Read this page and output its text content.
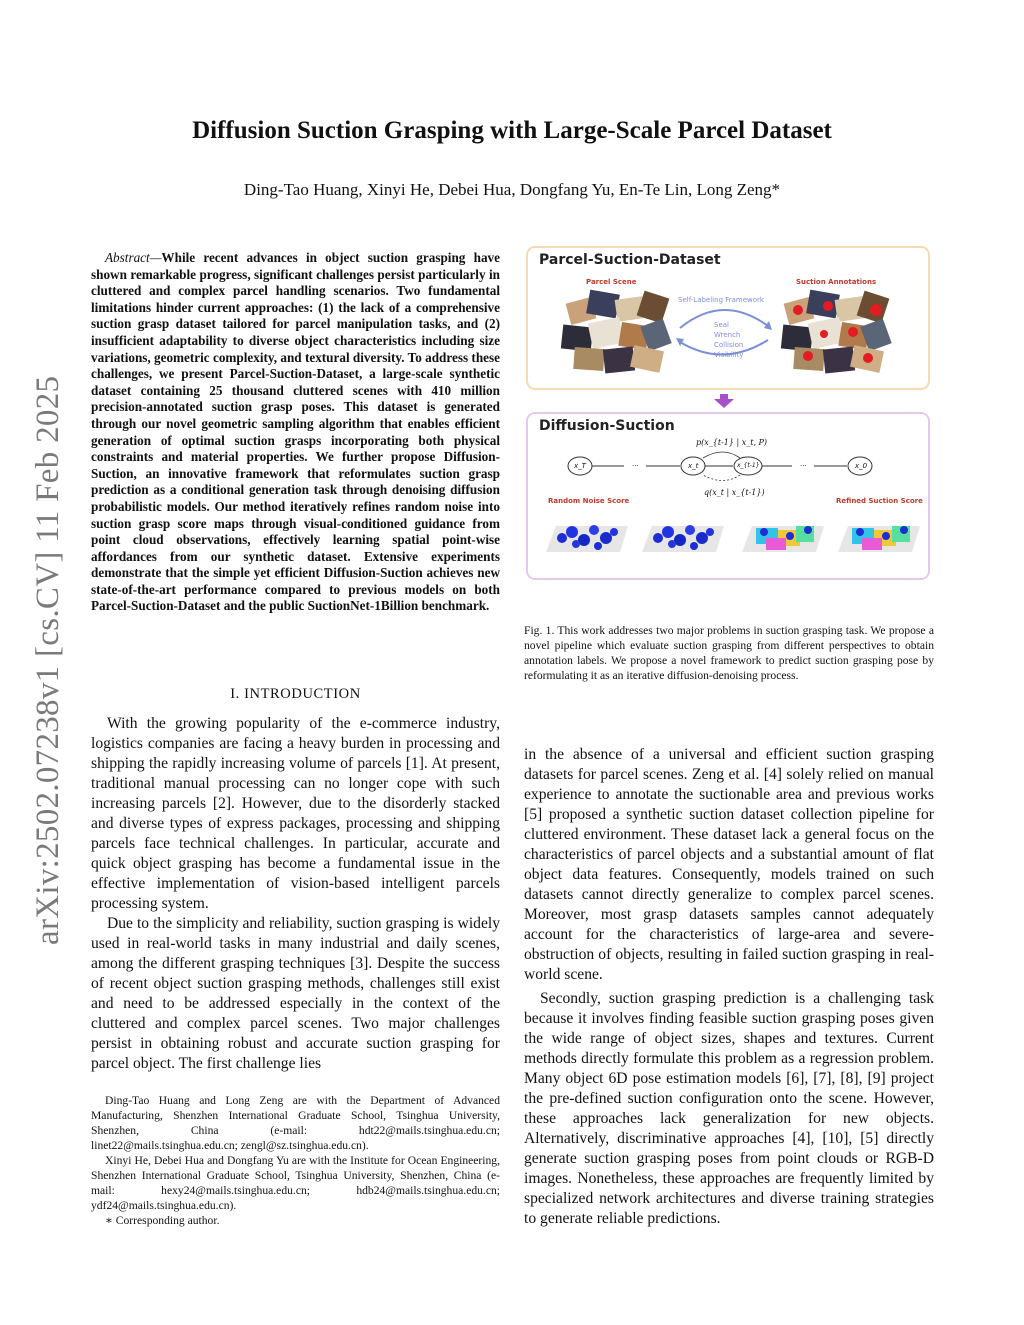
arXiv:2502.07238v1 [cs.CV] 11 Feb 2025
Diffusion Suction Grasping with Large-Scale Parcel Dataset
Ding-Tao Huang, Xinyi He, Debei Hua, Dongfang Yu, En-Te Lin, Long Zeng*
Abstract—While recent advances in object suction grasping have shown remarkable progress, significant challenges persist particularly in cluttered and complex parcel handling scenarios. Two fundamental limitations hinder current approaches: (1) the lack of a comprehensive suction grasp dataset tailored for parcel manipulation tasks, and (2) insufficient adaptability to diverse object characteristics including size variations, geometric complexity, and textural diversity. To address these challenges, we present Parcel-Suction-Dataset, a large-scale synthetic dataset containing 25 thousand cluttered scenes with 410 million precision-annotated suction grasp poses. This dataset is generated through our novel geometric sampling algorithm that enables efficient generation of optimal suction grasps incorporating both physical constraints and material properties. We further propose Diffusion-Suction, an innovative framework that reformulates suction grasp prediction as a conditional generation task through denoising diffusion probabilistic models. Our method iteratively refines random noise into suction grasp score maps through visual-conditioned guidance from point cloud observations, effectively learning spatial point-wise affordances from our synthetic dataset. Extensive experiments demonstrate that the simple yet efficient Diffusion-Suction achieves new state-of-the-art performance compared to previous models on both Parcel-Suction-Dataset and the public SuctionNet-1Billion benchmark.
I. INTRODUCTION

With the growing popularity of the e-commerce industry, logistics companies are facing a heavy burden in processing and shipping the rapidly increasing volume of parcels [1]. At present, traditional manual processing can no longer cope with such increasing parcels [2]. However, due to the disorderly stacked and diverse types of express packages, processing and shipping parcels face technical challenges. In particular, accurate and quick object grasping has become a fundamental issue in the effective implementation of vision-based intelligent parcels processing system.

Due to the simplicity and reliability, suction grasping is widely used in real-world tasks in many industrial and daily scenes, among the different grasping techniques [3]. Despite the success of recent object suction grasping methods, challenges still exist and need to be addressed especially in the context of the cluttered and complex parcel scenes. Two major challenges persist in obtaining robust and accurate suction grasping for parcel object. The first challenge lies

Ding-Tao Huang and Long Zeng are with the Department of Advanced Manufacturing, Shenzhen International Graduate School, Tsinghua University, Shenzhen, China (e-mail: hdt22@mails.tsinghua.edu.cn; linet22@mails.tsinghua.edu.cn; zengl@sz.tsinghua.edu.cn).

Xinyi He, Debei Hua and Dongfang Yu are with the Institute for Ocean Engineering, Shenzhen International Graduate School, Tsinghua University, Shenzhen, China (e-mail: hexy24@mails.tsinghua.edu.cn; hdb24@mails.tsinghua.edu.cn; ydf24@mails.tsinghua.edu.cn).

∗ Corresponding author.
Parcel-Suction-Dataset
Parcel Scene	Suction Annotations
Self-Labeling Framework
Seal
Wrench
Collision
Visibility
Diffusion-Suction
p(x_{t-1} | x_t, P)
q(x_t | x_{t-1})
x_T	...	x_t	x_{t-1}	...	x_0
Random Noise Score	Refined Suction Score
Fig. 1. This work addresses two major problems in suction grasping task. We propose a novel pipeline which evaluate suction grasping from different perspectives to obtain annotation labels. We propose a novel framework to predict suction grasping pose by reformulating it as an iterative diffusion-denoising process.

in the absence of a universal and efficient suction grasping datasets for parcel scenes. Zeng et al. [4] solely relied on manual experience to annotate the suctionable area and previous works [5] proposed a synthetic suction dataset collection pipeline for cluttered environment. These dataset lack a general focus on the characteristics of parcel objects and a substantial amount of flat object data features. Consequently, models trained on such datasets cannot directly generalize to complex parcel scenes. Moreover, most grasp datasets samples cannot adequately account for the characteristics of large-area and severe-obstruction of objects, resulting in failed suction grasping in real-world scene.

Secondly, suction grasping prediction is a challenging task because it involves finding feasible suction grasping poses given the wide range of object sizes, shapes and textures. Current methods directly formulate this problem as a regression problem. Many object 6D pose estimation models [6], [7], [8], [9] project the pre-defined suction configuration onto the scene. However, these approaches lack generalization for new objects. Alternatively, discriminative approaches [4], [10], [5] directly generate suction grasping poses from point clouds or RGB-D images. Nonetheless, these approaches are frequently limited by specialized network architectures and diverse training strategies to generate reliable predictions.
